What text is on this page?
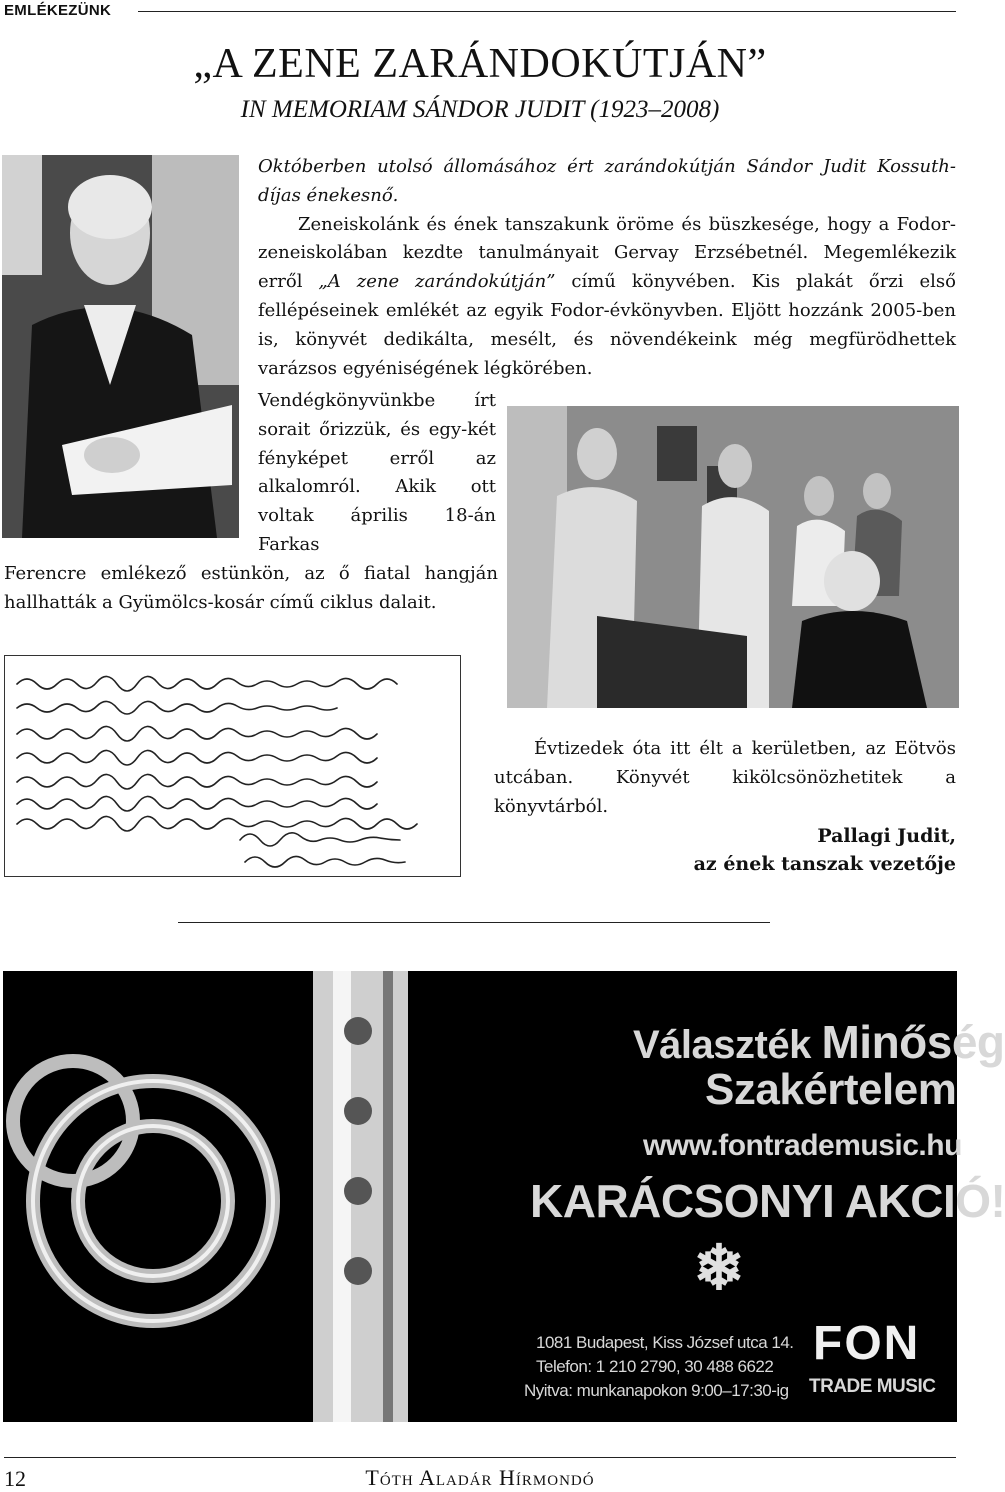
EMLÉKEZÜNK
„A ZENE ZARÁNDOKÚTJÁN”
IN MEMORIAM SÁNDOR JUDIT (1923–2008)
Októberben utolsó állomásához ért zarándokútján Sándor Judit Kossuth-díjas énekesnő.
Zeneiskolánk és ének tanszakunk öröme és büszkesége, hogy a Fodor-zeneiskolában kezdte tanulmányait Gervay Erzsébetnél. Megemlékezik erről „A zene zarándokútján” című könyvében. Kis plakát őrzi első fellépéseinek emlékét az egyik Fodor-évkönyvben. Eljött hozzánk 2005-ben is, könyvét dedikálta, mesélt, és növendékeink még megfürödhettek varázsos egyéniségének légkörében.
Vendégkönyvünkbe írt sorait őrizzük, és egy-két fényképet erről az alkalomról. Akik ott voltak április 18-án Farkas
Ferencre emlékező estünkön, az ő fiatal hangján hallhatták a Gyümölcs-kosár című ciklus dalait.
Évtizedek óta itt élt a kerületben, az Eötvös utcában. Könyvét kikölcsönözhetitek a könyvtárból.
Pallagi Judit,
az ének tanszak vezetője
Választék Minőség
Szakértelem
www.fontrademusic.hu
KARÁCSONYI AKCIÓ!
❄
1081 Budapest, Kiss József utca 14.
Telefon: 1 210 2790, 30 488 6622
Nyitva: munkanapokon 9:00–17:30-ig
FON
TRADE MUSIC
12	Tóth Aladár Hírmondó
